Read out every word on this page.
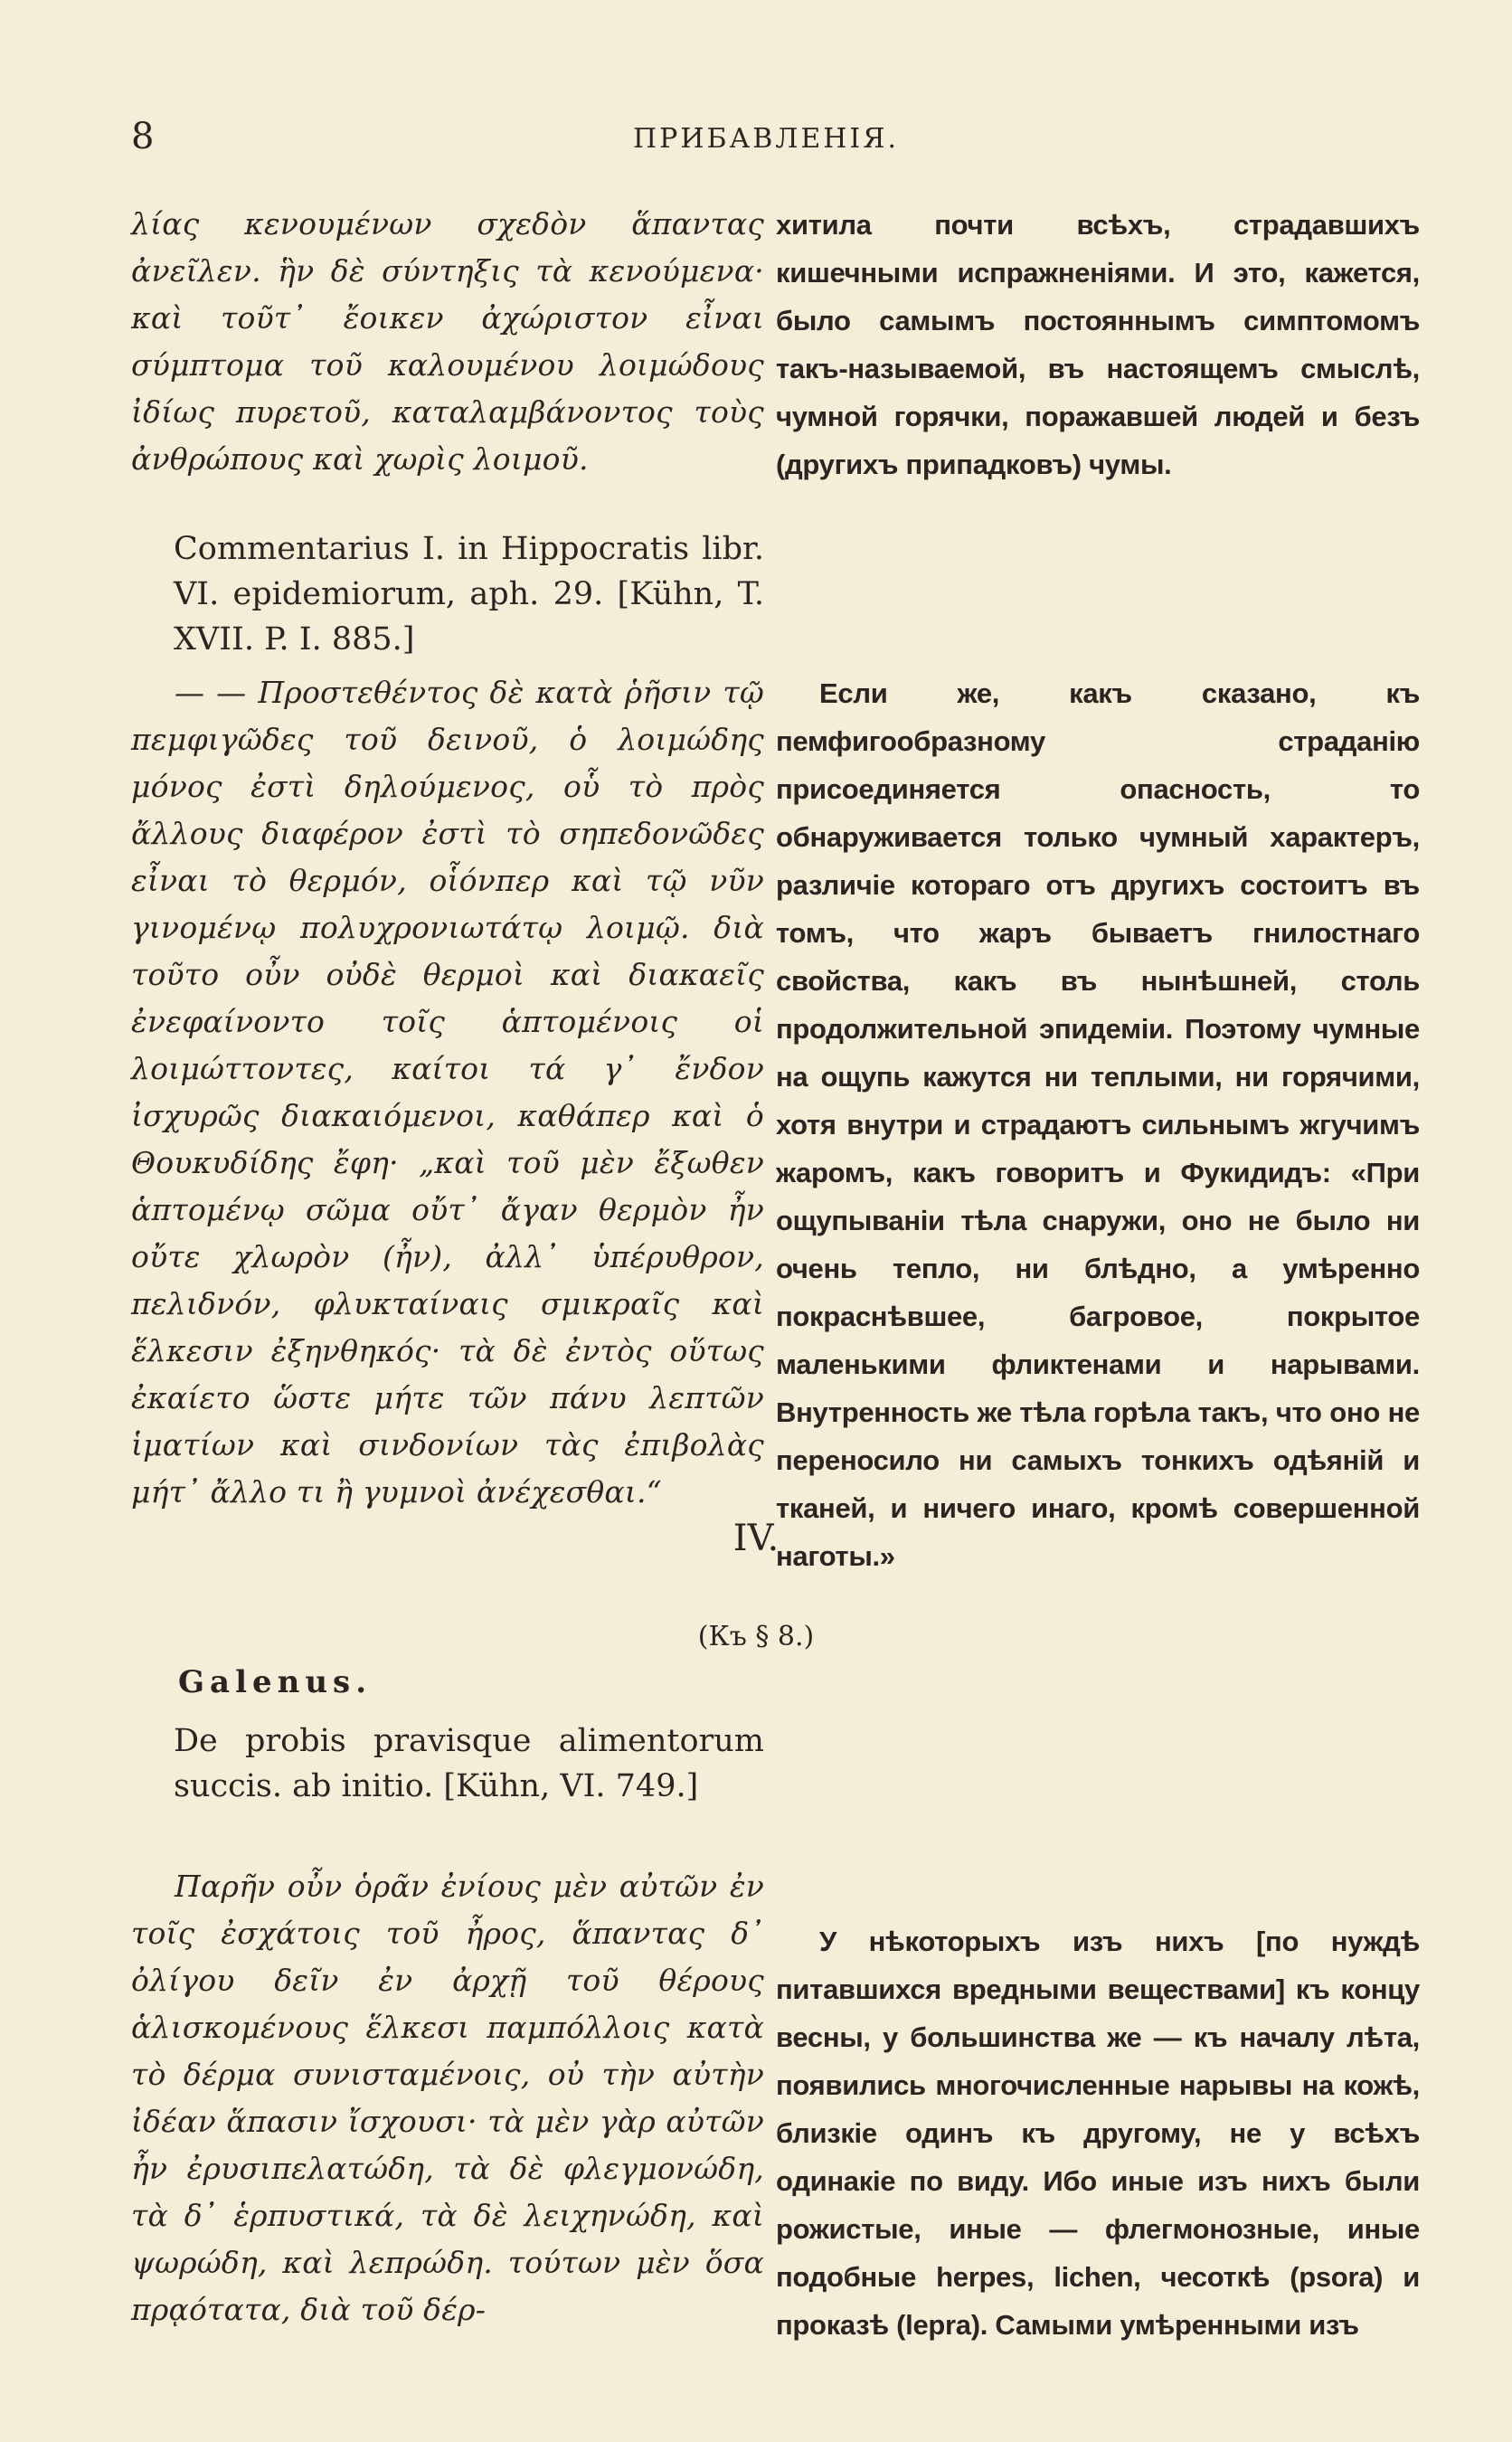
8	ПРИБАВЛЕНІЯ.

λίας κενουμένων σχεδὸν ἅπαντας ἀνεῖλεν. ἣν δὲ σύντηξις τὰ κενούμενα· καὶ τοῦτ᾽ ἔοικεν ἀχώριστον εἶναι σύμπτομα τοῦ καλουμένου λοιμώδους ἰδίως πυρετοῦ, καταλαμβάνοντος τοὺς ἀνθρώπους καὶ χωρὶς λοιμοῦ.

хитила почти всѣхъ, страдавшихъ кишечными испражненіями. И это, кажется, было самымъ постояннымъ симптомомъ такъ-называемой, въ настоящемъ смыслѣ, чумной горячки, поражавшей людей и безъ (другихъ припадковъ) чумы.

Commentarius I. in Hippocratis libr. VI. epidemiorum, aph. 29. [Kühn, T. XVII. P. I. 885.]

— — Προστεθέντος δὲ κατὰ ῥῆσιν τῷ πεμφιγῶδες τοῦ δεινοῦ, ὁ λοιμώδης μόνος ἐστὶ δηλούμενος, οὗ τὸ πρὸς ἄλλους διαφέρον ἐστὶ τὸ σηπεδονῶδες εἶναι τὸ θερμόν, οἷόνπερ καὶ τῷ νῦν γινομένῳ πολυχρονιωτάτῳ λοιμῷ. διὰ τοῦτο οὖν οὐδὲ θερμοὶ καὶ διακαεῖς ἐνεφαίνοντο τοῖς ἁπτομένοις οἱ λοιμώττοντες, καίτοι τά γ᾽ ἔνδον ἰσχυρῶς διακαιόμενοι, καθάπερ καὶ ὁ Θουκυδίδης ἔφη· „καὶ τοῦ μὲν ἔξωθεν ἁπτομένῳ σῶμα οὔτ᾽ ἄγαν θερμὸν ἦν οὔτε χλωρὸν (ἦν), ἀλλ᾽ ὑπέρυθρον, πελιδνόν, φλυκταίναις σμικραῖς καὶ ἕλκεσιν ἐξηνθηκός· τὰ δὲ ἐντὸς οὕτως ἐκαίετο ὥστε μήτε τῶν πάνυ λεπτῶν ἱματίων καὶ σινδονίων τὰς ἐπιβολὰς μήτ᾽ ἄλλο τι ἢ γυμνοὶ ἀνέχεσθαι.“

Если же, какъ сказано, къ пемфигообразному страданію присоединяется опасность, то обнаруживается только чумный характеръ, различіе котораго отъ другихъ состоитъ въ томъ, что жаръ бываетъ гнилостнаго свойства, какъ въ нынѣшней, столь продолжительной эпидеміи. Поэтому чумные на ощупь кажутся ни теплыми, ни горячими, хотя внутри и страдаютъ сильнымъ жгучимъ жаромъ, какъ говоритъ и Фукидидъ: «При ощупываніи тѣла снаружи, оно не было ни очень тепло, ни блѣдно, а умѣренно покраснѣвшее, багровое, покрытое маленькими фликтенами и нарывами. Внутренность же тѣла горѣла такъ, что оно не переносило ни самыхъ тонкихъ одѣяній и тканей, и ничего инаго, кромѣ совершенной наготы.»

IV.
(Къ § 8.)
Galenus.

De probis pravisque alimentorum succis. ab initio. [Kühn, VI. 749.]

Παρῆν οὖν ὁρᾶν ἐνίους μὲν αὐτῶν ἐν τοῖς ἐσχάτοις τοῦ ἦρος, ἅπαντας δ᾽ ὀλίγου δεῖν ἐν ἀρχῇ τοῦ θέρους ἁλισκομένους ἕλκεσι παμπόλλοις κατὰ τὸ δέρμα συνισταμένοις, οὐ τὴν αὐτὴν ἰδέαν ἅπασιν ἴσχουσι· τὰ μὲν γὰρ αὐτῶν ἦν ἐρυσιπελατώδη, τὰ δὲ φλεγμονώδη, τὰ δ᾽ ἑρπυστικά, τὰ δὲ λειχηνώδη, καὶ ψωρώδη, καὶ λεπρώδη. τούτων μὲν ὅσα πρᾳότατα, διὰ τοῦ δέρ-

У нѣкоторыхъ изъ нихъ [по нуждѣ питавшихся вредными веществами] къ концу весны, у большинства же — къ началу лѣта, появились многочисленные нарывы на кожѣ, близкіе одинъ къ другому, не у всѣхъ одинакіе по виду. Ибо иные изъ нихъ были рожистые, иные — флегмонозные, иные подобные herpes, lichen, чесоткѣ (psora) и проказѣ (lepra). Самыми умѣренными изъ
